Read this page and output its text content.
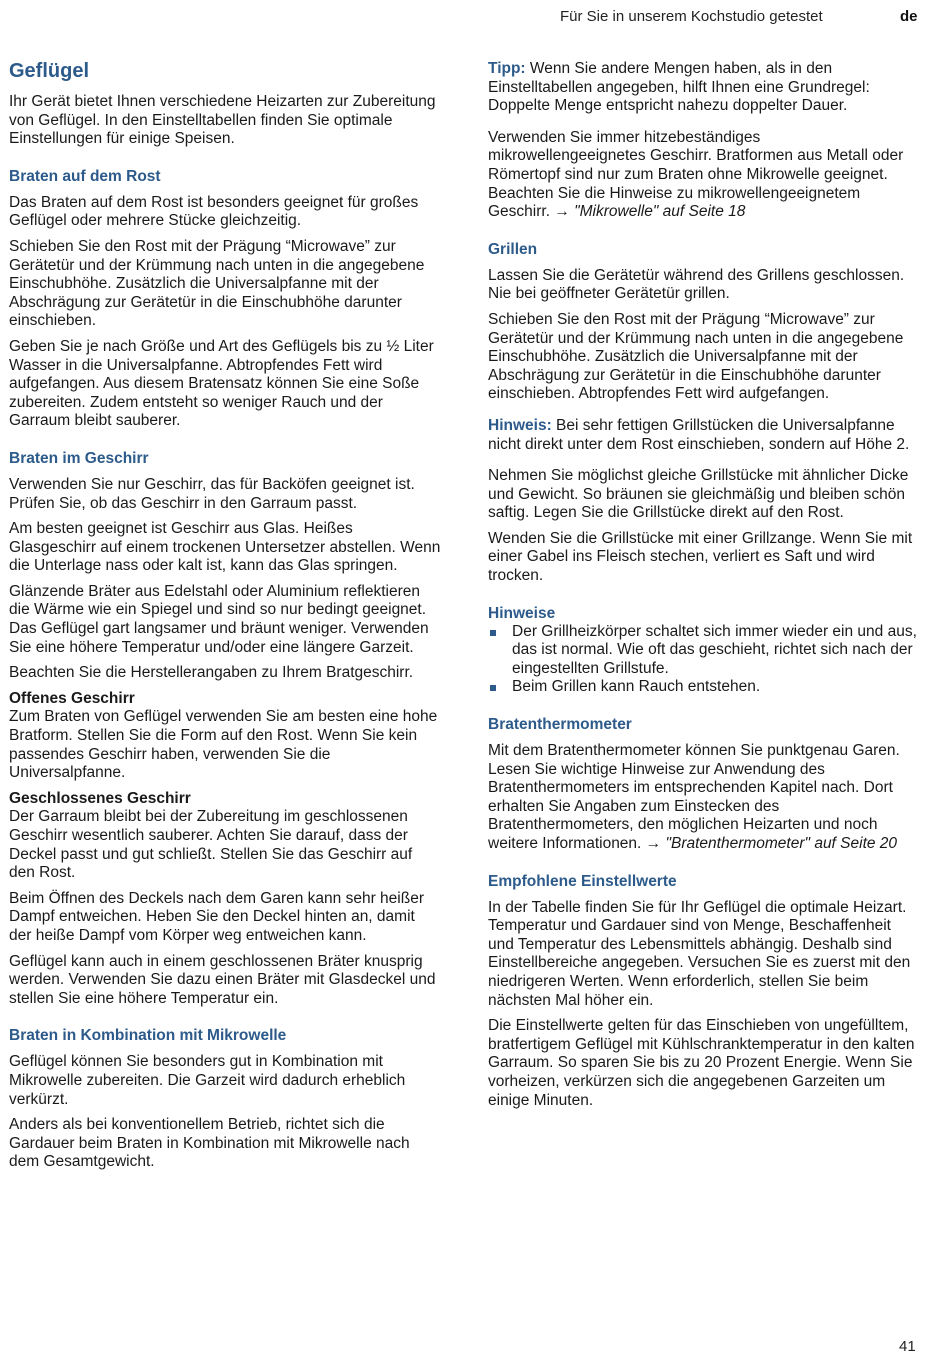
Für Sie in unserem Kochstudio getestet	de
Geflügel

Ihr Gerät bietet Ihnen verschiedene Heizarten zur Zubereitung von Geflügel. In den Einstelltabellen finden Sie optimale Einstellungen für einige Speisen.

Braten auf dem Rost

Das Braten auf dem Rost ist besonders geeignet für großes Geflügel oder mehrere Stücke gleichzeitig.

Schieben Sie den Rost mit der Prägung “Microwave” zur Gerätetür und der Krümmung nach unten in die angegebene Einschubhöhe. Zusätzlich die Universalpfanne mit der Abschrägung zur Gerätetür in die Einschubhöhe darunter einschieben.

Geben Sie je nach Größe und Art des Geflügels bis zu ½ Liter Wasser in die Universalpfanne. Abtropfendes Fett wird aufgefangen. Aus diesem Bratensatz können Sie eine Soße zubereiten. Zudem entsteht so weniger Rauch und der Garraum bleibt sauberer.

Braten im Geschirr

Verwenden Sie nur Geschirr, das für Backöfen geeignet ist. Prüfen Sie, ob das Geschirr in den Garraum passt.

Am besten geeignet ist Geschirr aus Glas. Heißes Glasgeschirr auf einem trockenen Untersetzer abstellen. Wenn die Unterlage nass oder kalt ist, kann das Glas springen.

Glänzende Bräter aus Edelstahl oder Aluminium reflektieren die Wärme wie ein Spiegel und sind so nur bedingt geeignet. Das Geflügel gart langsamer und bräunt weniger. Verwenden Sie eine höhere Temperatur und/oder eine längere Garzeit.

Beachten Sie die Herstellerangaben zu Ihrem Bratgeschirr.

Offenes Geschirr

Zum Braten von Geflügel verwenden Sie am besten eine hohe Bratform. Stellen Sie die Form auf den Rost. Wenn Sie kein passendes Geschirr haben, verwenden Sie die Universalpfanne.

Geschlossenes Geschirr

Der Garraum bleibt bei der Zubereitung im geschlossenen Geschirr wesentlich sauberer. Achten Sie darauf, dass der Deckel passt und gut schließt. Stellen Sie das Geschirr auf den Rost.

Beim Öffnen des Deckels nach dem Garen kann sehr heißer Dampf entweichen. Heben Sie den Deckel hinten an, damit der heiße Dampf vom Körper weg entweichen kann.

Geflügel kann auch in einem geschlossenen Bräter knusprig werden. Verwenden Sie dazu einen Bräter mit Glasdeckel und stellen Sie eine höhere Temperatur ein.

Braten in Kombination mit Mikrowelle

Geflügel können Sie besonders gut in Kombination mit Mikrowelle zubereiten. Die Garzeit wird dadurch erheblich verkürzt.

Anders als bei konventionellem Betrieb, richtet sich die Gardauer beim Braten in Kombination mit Mikrowelle nach dem Gesamtgewicht.

Tipp: Wenn Sie andere Mengen haben, als in den Einstelltabellen angegeben, hilft Ihnen eine Grundregel: Doppelte Menge entspricht nahezu doppelter Dauer.

Verwenden Sie immer hitzebeständiges mikrowellengeeignetes Geschirr. Bratformen aus Metall oder Römertopf sind nur zum Braten ohne Mikrowelle geeignet. Beachten Sie die Hinweise zu mikrowellengeeignetem Geschirr. → "Mikrowelle" auf Seite 18

Grillen

Lassen Sie die Gerätetür während des Grillens geschlossen. Nie bei geöffneter Gerätetür grillen.

Schieben Sie den Rost mit der Prägung “Microwave” zur Gerätetür und der Krümmung nach unten in die angegebene Einschubhöhe. Zusätzlich die Universalpfanne mit der Abschrägung zur Gerätetür in die Einschubhöhe darunter einschieben. Abtropfendes Fett wird aufgefangen.

Hinweis: Bei sehr fettigen Grillstücken die Universalpfanne nicht direkt unter dem Rost einschieben, sondern auf Höhe 2.

Nehmen Sie möglichst gleiche Grillstücke mit ähnlicher Dicke und Gewicht. So bräunen sie gleichmäßig und bleiben schön saftig. Legen Sie die Grillstücke direkt auf den Rost.

Wenden Sie die Grillstücke mit einer Grillzange. Wenn Sie mit einer Gabel ins Fleisch stechen, verliert es Saft und wird trocken.

Hinweise
Der Grillheizkörper schaltet sich immer wieder ein und aus, das ist normal. Wie oft das geschieht, richtet sich nach der eingestellten Grillstufe.
Beim Grillen kann Rauch entstehen.
Bratenthermometer

Mit dem Bratenthermometer können Sie punktgenau Garen. Lesen Sie wichtige Hinweise zur Anwendung des Bratenthermometers im entsprechenden Kapitel nach. Dort erhalten Sie Angaben zum Einstecken des Bratenthermometers, den möglichen Heizarten und noch weitere Informationen. → "Bratenthermometer" auf Seite 20

Empfohlene Einstellwerte

In der Tabelle finden Sie für Ihr Geflügel die optimale Heizart. Temperatur und Gardauer sind von Menge, Beschaffenheit und Temperatur des Lebensmittels abhängig. Deshalb sind Einstellbereiche angegeben. Versuchen Sie es zuerst mit den niedrigeren Werten. Wenn erforderlich, stellen Sie beim nächsten Mal höher ein.

Die Einstellwerte gelten für das Einschieben von ungefülltem, bratfertigem Geflügel mit Kühlschranktemperatur in den kalten Garraum. So sparen Sie bis zu 20 Prozent Energie. Wenn Sie vorheizen, verkürzen sich die angegebenen Garzeiten um einige Minuten.

41
